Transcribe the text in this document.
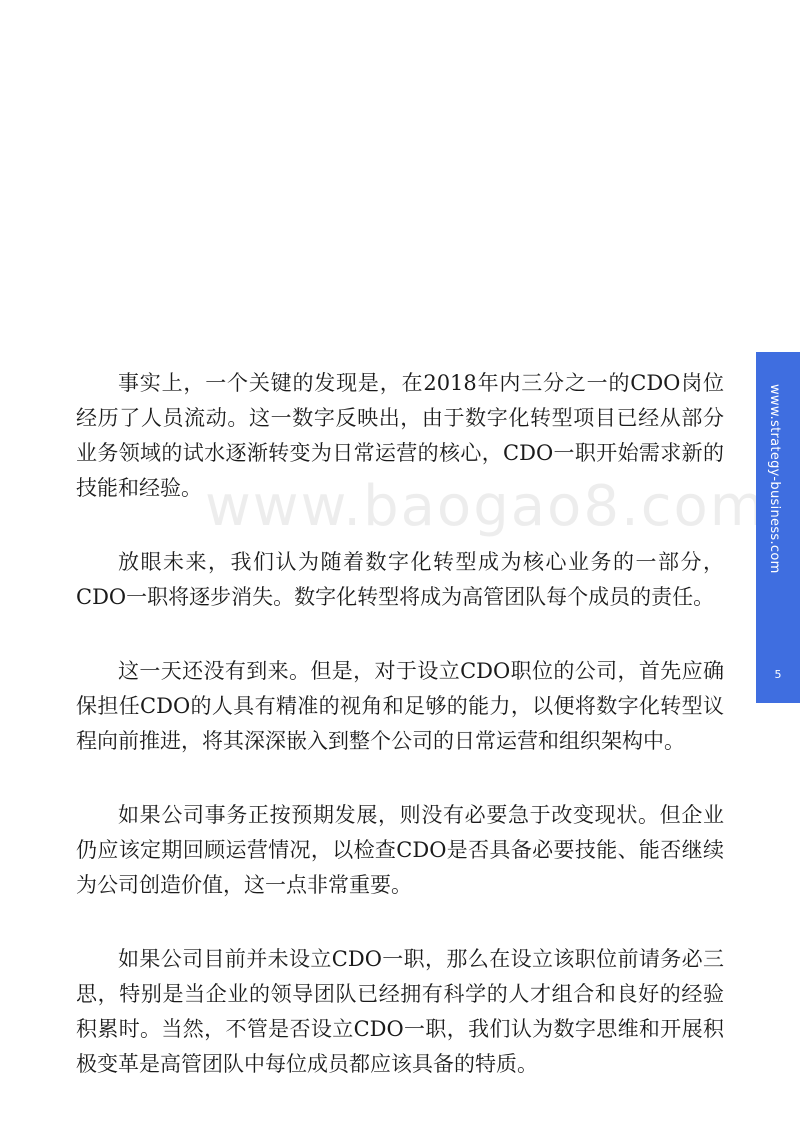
www.baogao8.com

事实上，一个关键的发现是，在2018年内三分之一的CDO岗位经历了人员流动。这一数字反映出，由于数字化转型项目已经从部分业务领域的试水逐渐转变为日常运营的核心，CDO一职开始需求新的技能和经验。

放眼未来，我们认为随着数字化转型成为核心业务的一部分，CDO一职将逐步消失。数字化转型将成为高管团队每个成员的责任。

这一天还没有到来。但是，对于设立CDO职位的公司，首先应确保担任CDO的人具有精准的视角和足够的能力，以便将数字化转型议程向前推进，将其深深嵌入到整个公司的日常运营和组织架构中。

如果公司事务正按预期发展，则没有必要急于改变现状。但企业仍应该定期回顾运营情况，以检查CDO是否具备必要技能、能否继续为公司创造价值，这一点非常重要。

如果公司目前并未设立CDO一职，那么在设立该职位前请务必三思，特别是当企业的领导团队已经拥有科学的人才组合和良好的经验积累时。当然，不管是否设立CDO一职，我们认为数字思维和开展积极变革是高管团队中每位成员都应该具备的特质。

www.strategy-business.com
5
